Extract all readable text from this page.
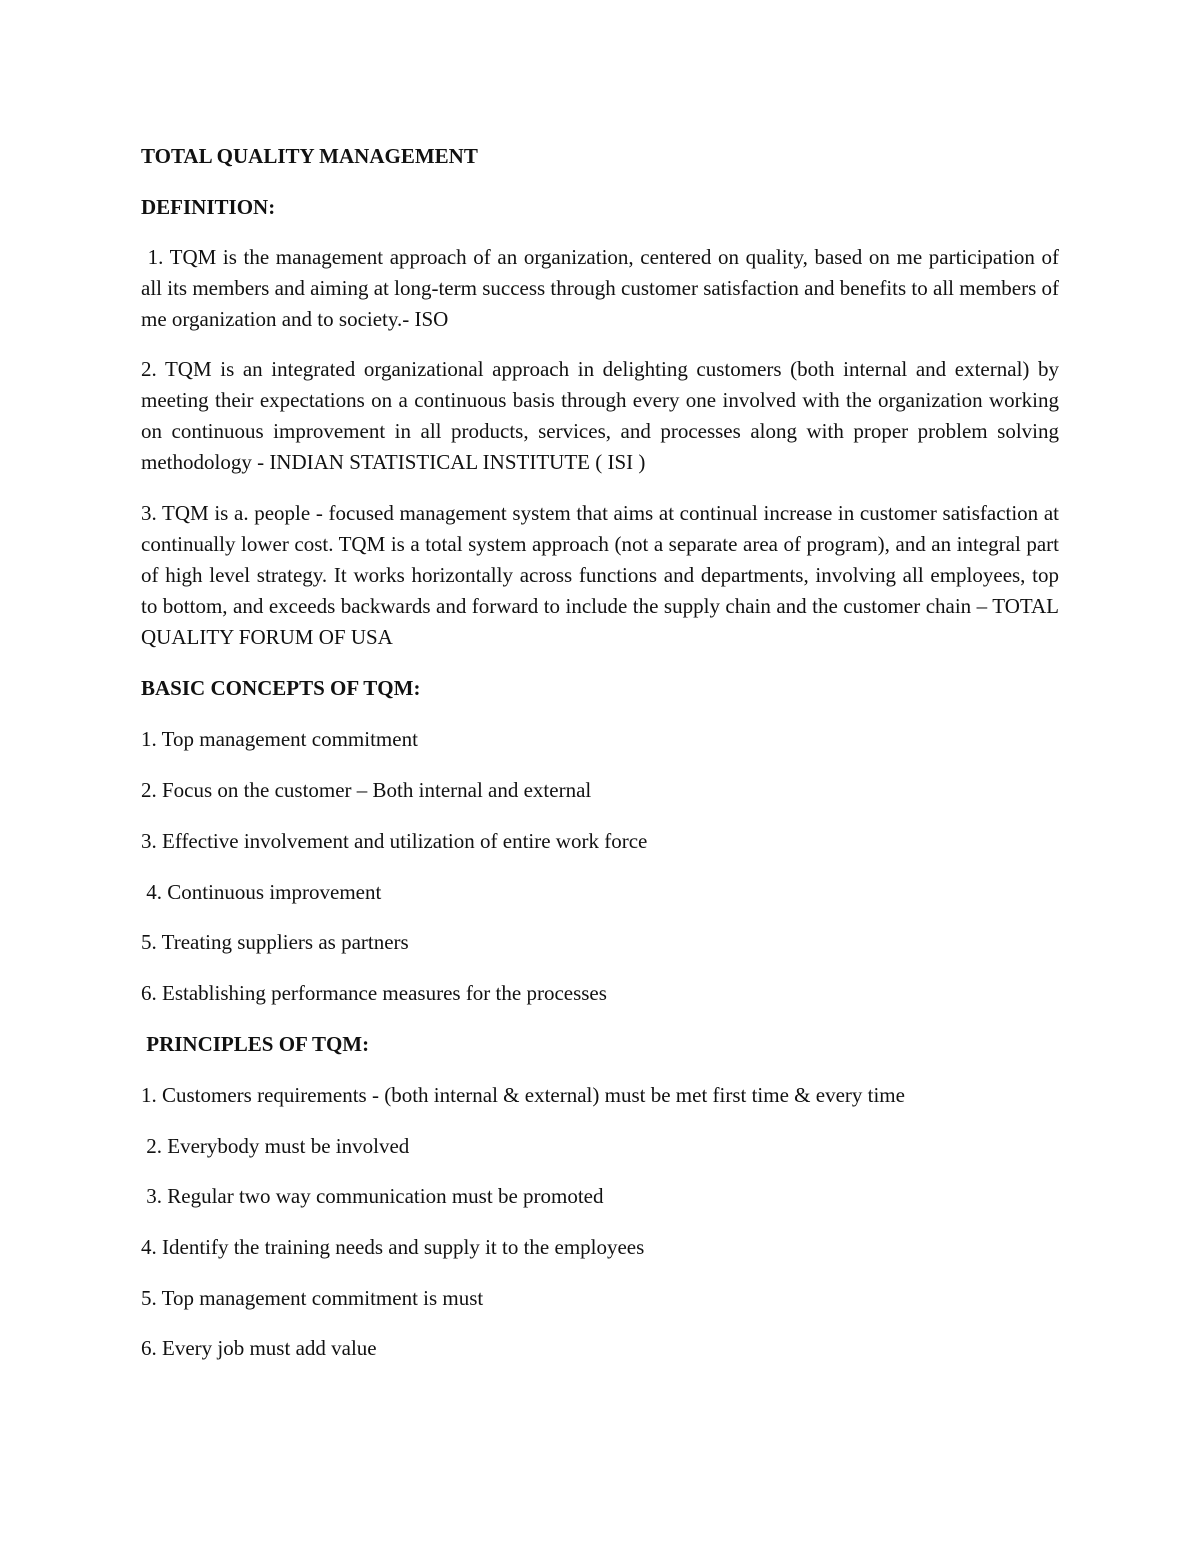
TOTAL QUALITY MANAGEMENT

DEFINITION:

1. TQM is the management approach of an organization, centered on quality, based on me participation of all its members and aiming at long-term success through customer satisfaction and benefits to all members of me organization and to society.- ISO

2. TQM is an integrated organizational approach in delighting customers (both internal and external) by meeting their expectations on a continuous basis through every one involved with the organization working on continuous improvement in all products, services, and processes along with proper problem solving methodology - INDIAN STATISTICAL INSTITUTE ( ISI )

3. TQM is a. people - focused management system that aims at continual increase in customer satisfaction at continually lower cost. TQM is a total system approach (not a separate area of program), and an integral part of high level strategy. It works horizontally across functions and departments, involving all employees, top to bottom, and exceeds backwards and forward to include the supply chain and the customer chain – TOTAL QUALITY FORUM OF USA

BASIC CONCEPTS OF TQM:

1. Top management commitment

2. Focus on the customer – Both internal and external

3. Effective involvement and utilization of entire work force

4. Continuous improvement

5. Treating suppliers as partners

6. Establishing performance measures for the processes

PRINCIPLES OF TQM:

1. Customers requirements - (both internal & external) must be met first time & every time

2. Everybody must be involved

3. Regular two way communication must be promoted

4. Identify the training needs and supply it to the employees

5. Top management commitment is must

6. Every job must add value
